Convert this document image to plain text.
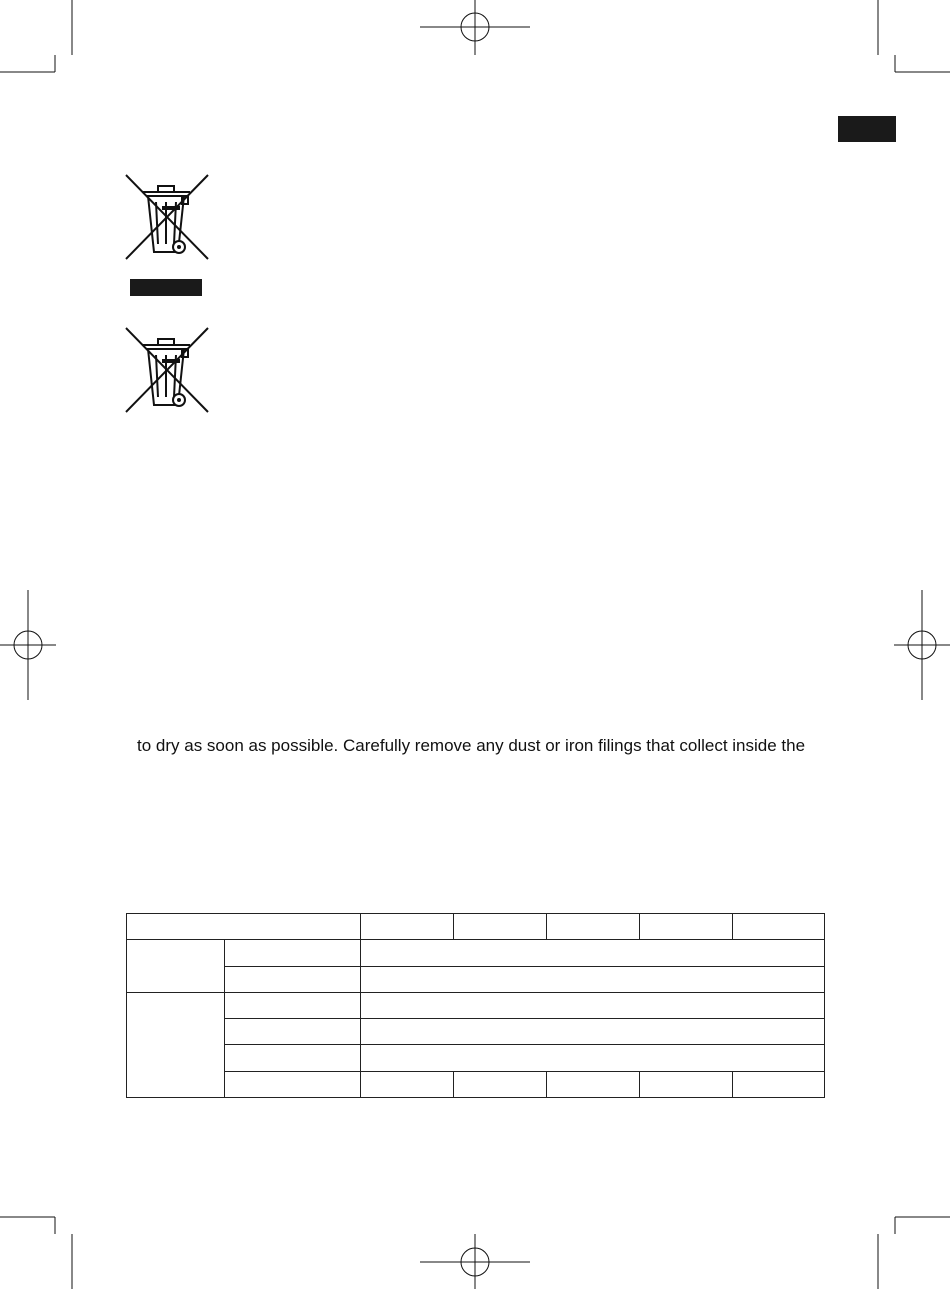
to dry as soon as possible. Carefully remove any dust or iron filings that collect inside the
